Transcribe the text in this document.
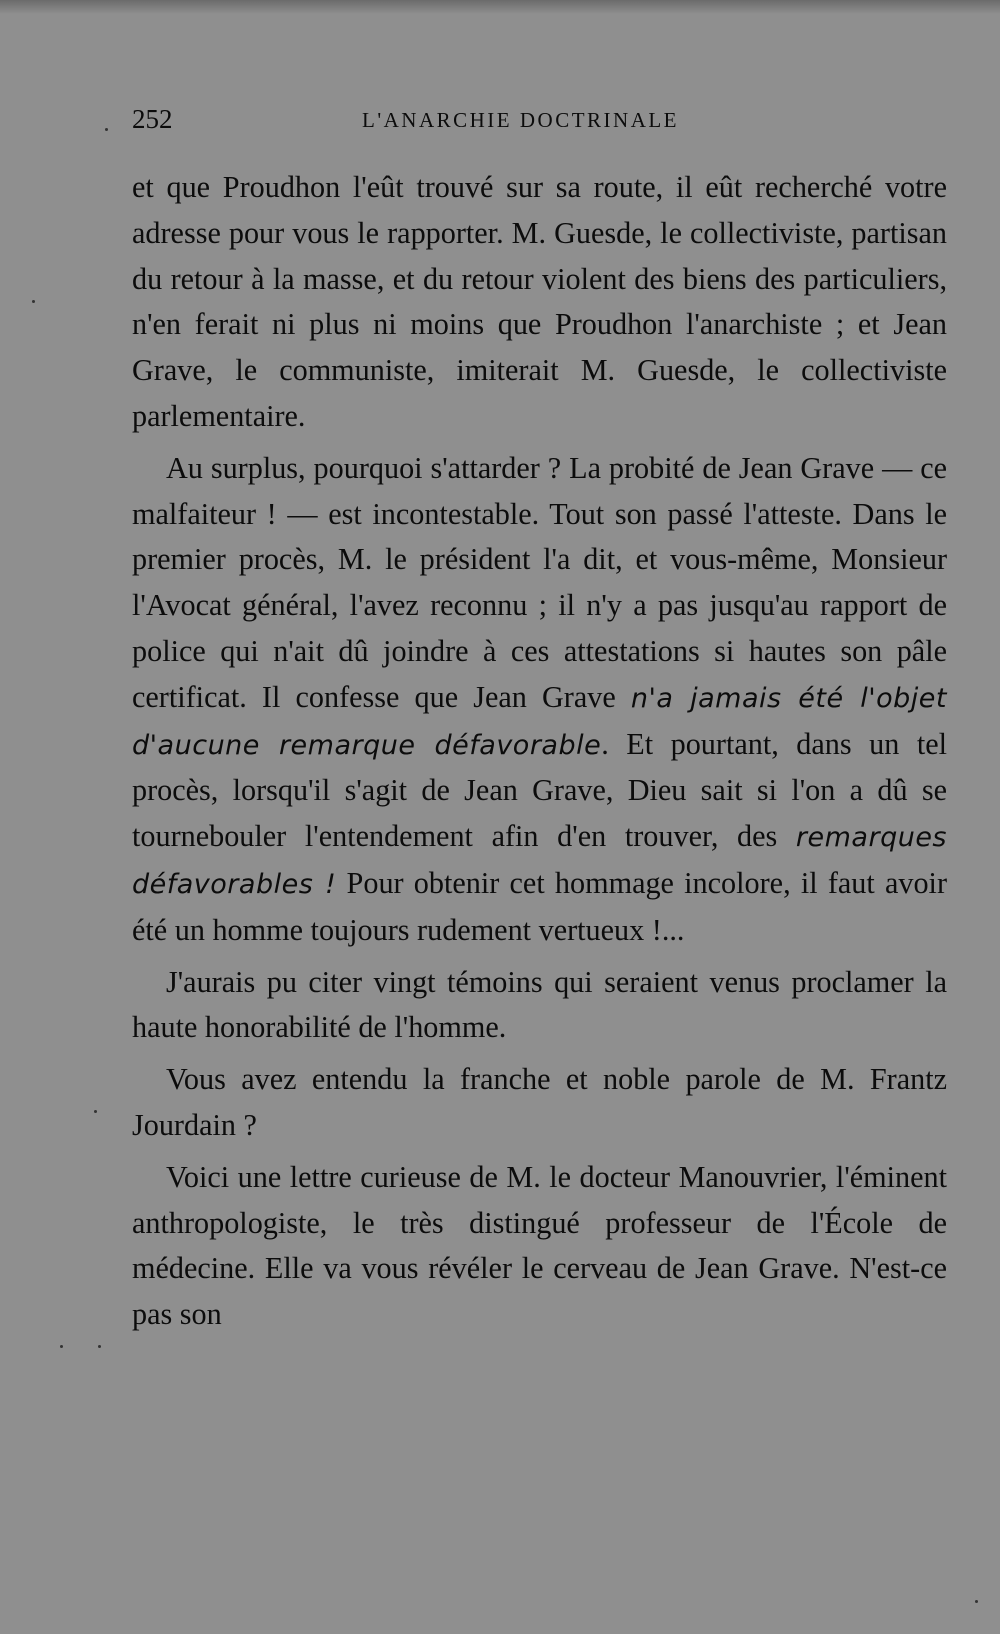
252	L'ANARCHIE DOCTRINALE

et que Proudhon l'eût trouvé sur sa route, il eût recherché votre adresse pour vous le rapporter. M. Guesde, le collectiviste, partisan du retour à la masse, et du retour violent des biens des particuliers, n'en ferait ni plus ni moins que Proudhon l'anarchiste ; et Jean Grave, le communiste, imiterait M. Guesde, le collectiviste parlementaire.

Au surplus, pourquoi s'attarder ? La probité de Jean Grave — ce malfaiteur ! — est incontestable. Tout son passé l'atteste. Dans le premier procès, M. le président l'a dit, et vous-même, Monsieur l'Avocat général, l'avez reconnu ; il n'y a pas jusqu'au rapport de police qui n'ait dû joindre à ces attestations si hautes son pâle certificat. Il confesse que Jean Grave n'a jamais été l'objet d'aucune remarque défavorable. Et pourtant, dans un tel procès, lorsqu'il s'agit de Jean Grave, Dieu sait si l'on a dû se tournebouler l'entendement afin d'en trouver, des remarques défavorables ! Pour obtenir cet hommage incolore, il faut avoir été un homme toujours rudement vertueux !...

J'aurais pu citer vingt témoins qui seraient venus proclamer la haute honorabilité de l'homme.

Vous avez entendu la franche et noble parole de M. Frantz Jourdain ?

Voici une lettre curieuse de M. le docteur Manouvrier, l'éminent anthropologiste, le très distingué professeur de l'École de médecine. Elle va vous révéler le cerveau de Jean Grave. N'est-ce pas son
